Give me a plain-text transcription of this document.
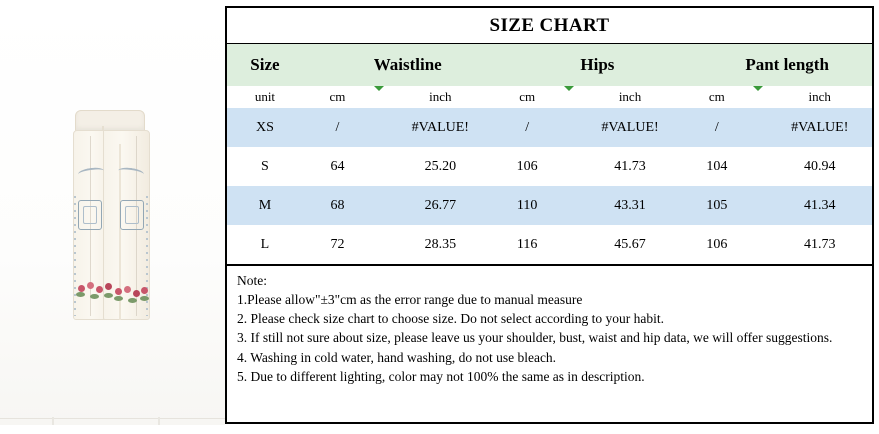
SIZE CHART
Size	Waistline		Hips		Pant length	
unit	cm	inch	cm	inch	cm	inch
XS	/	#VALUE!	/	#VALUE!	/	#VALUE!
S	64	25.20	106	41.73	104	40.94
M	68	26.77	110	43.31	105	41.34
L	72	28.35	116	45.67	106	41.73
Note:
1.Please allow"±3"cm as the error range due to manual measure
2. Please check size chart to choose size. Do not select according to your habit.
3. If still not sure about size, please leave us your shoulder, bust, waist and hip data, we will offer suggestions.
4. Washing in cold water, hand washing, do not use bleach.
5. Due to different lighting, color may not 100% the same as in description.
